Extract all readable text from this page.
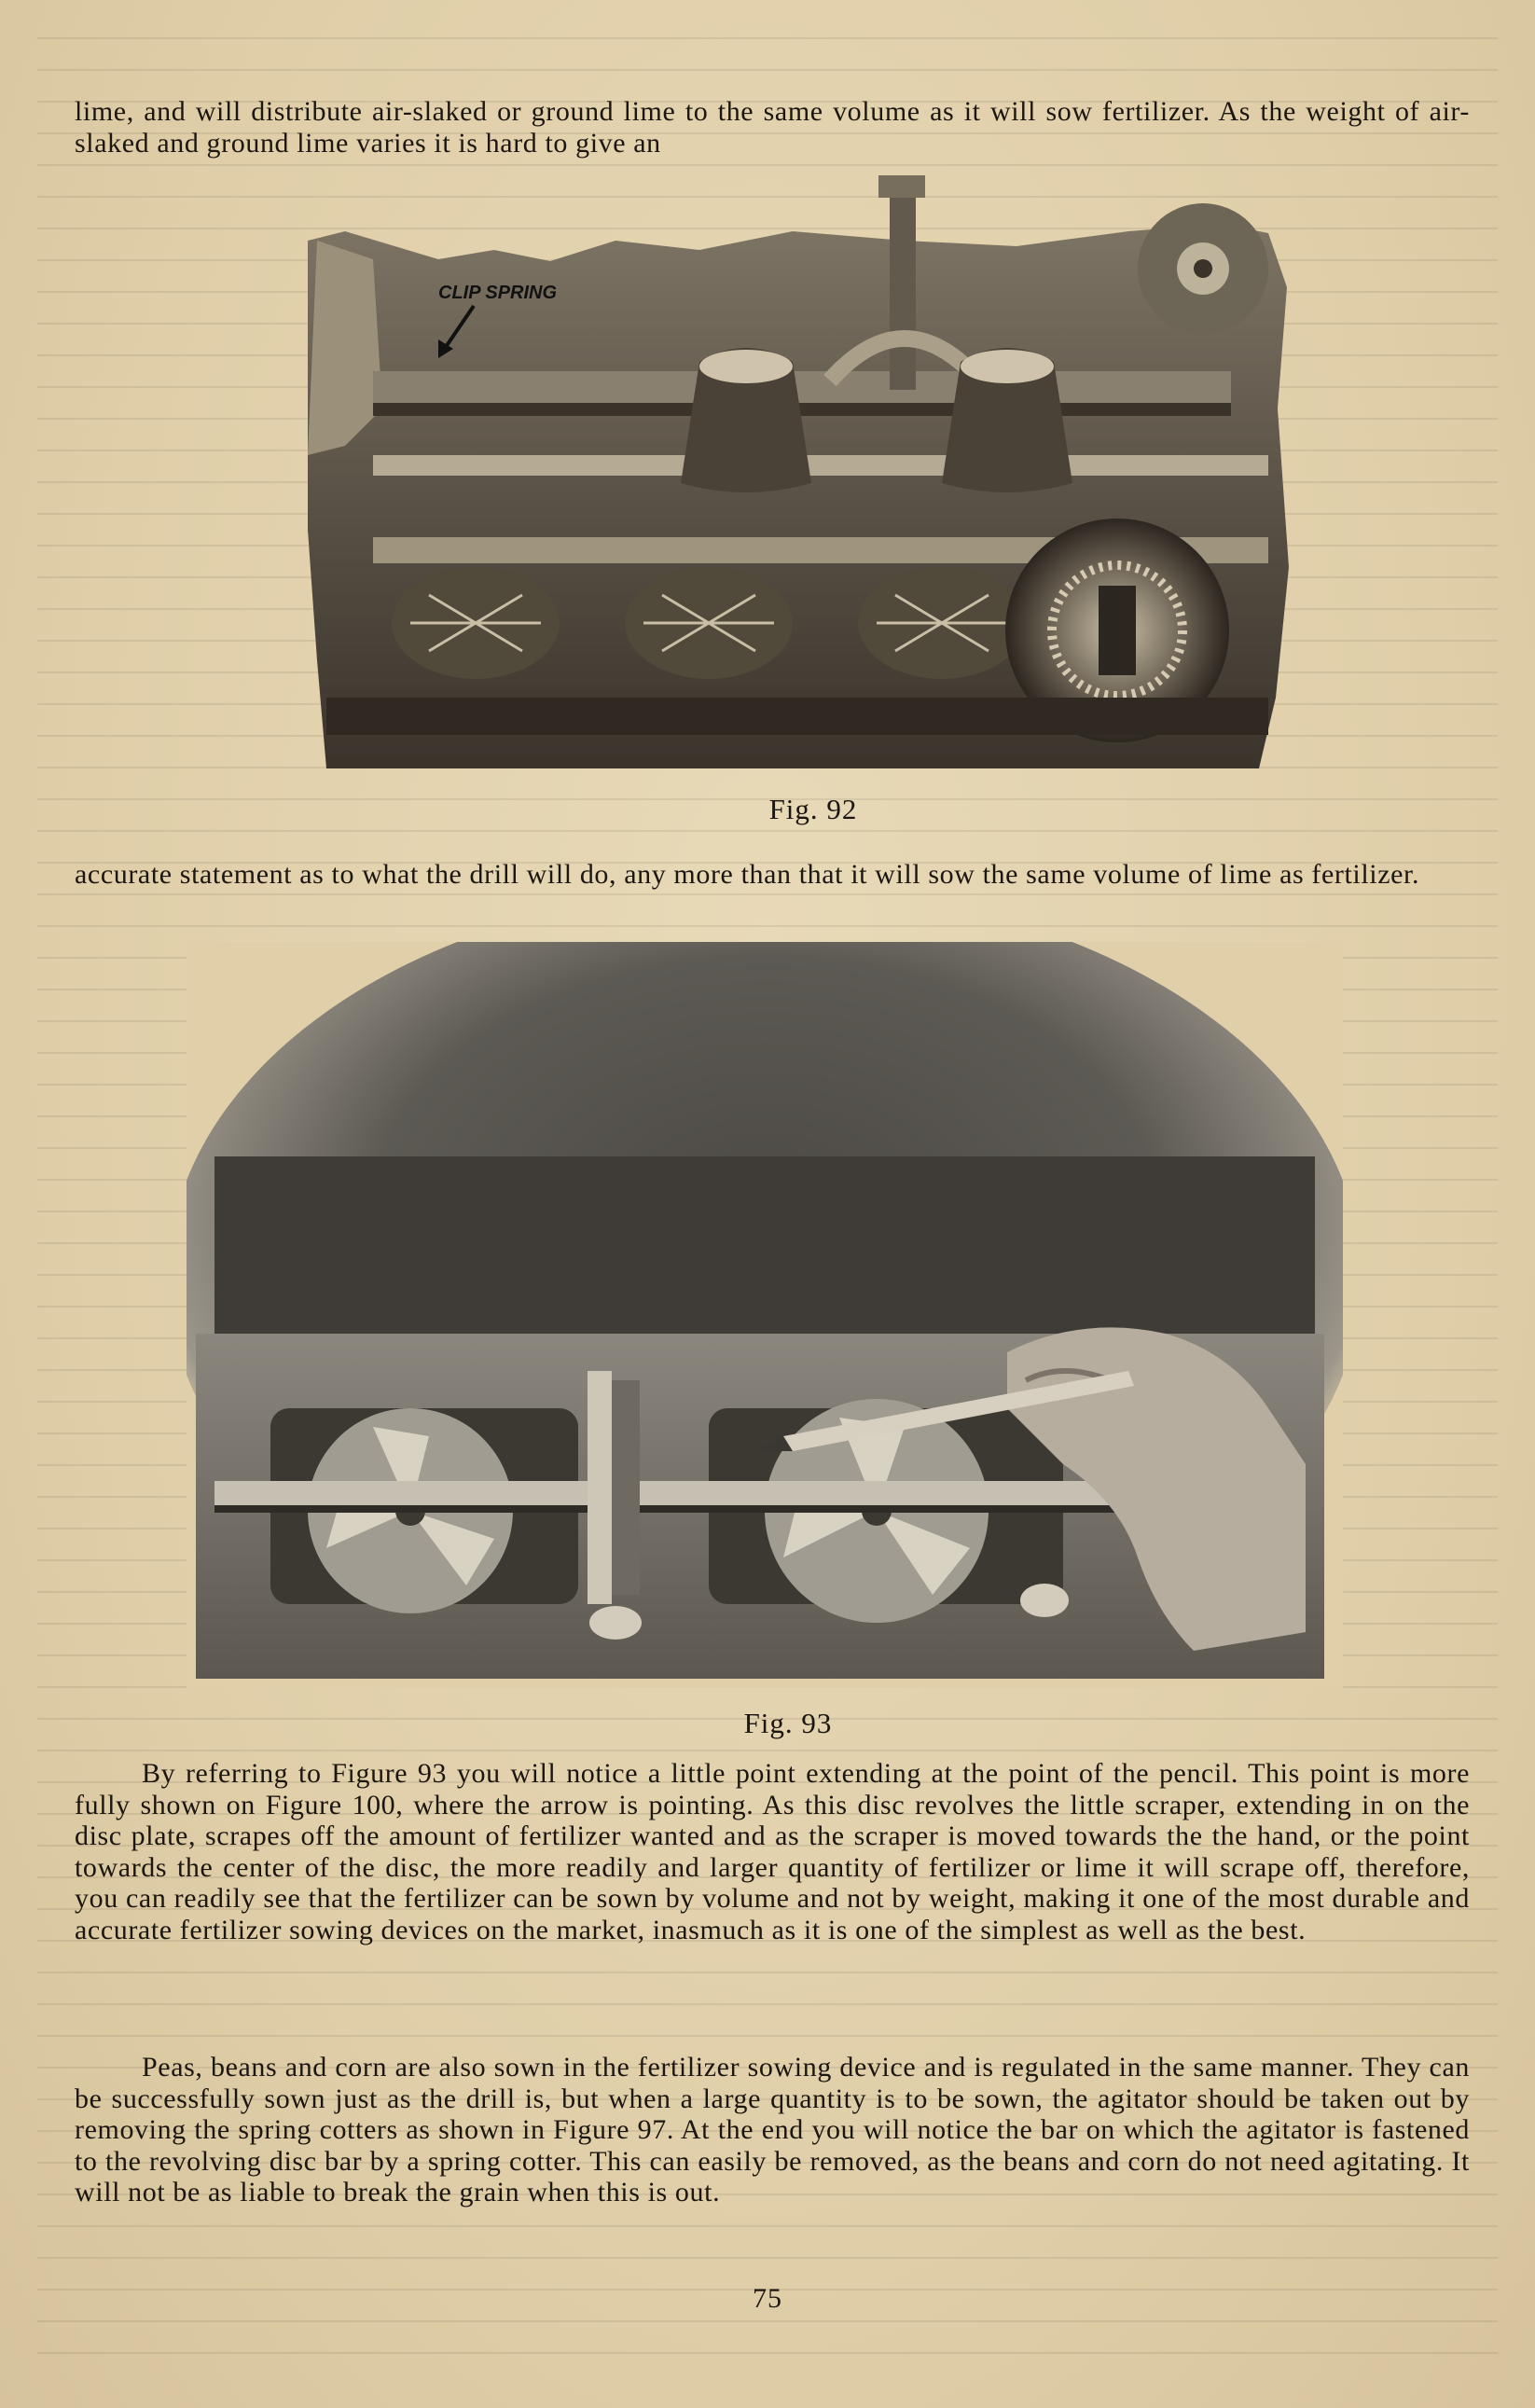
lime, and will distribute air-slaked or ground lime to the same volume as it will sow fertilizer. As the weight of air-slaked and ground lime varies it is hard to give an

CLIP SPRING
Fig. 92

accurate statement as to what the drill will do, any more than that it will sow the same volume of lime as fertilizer.

Fig. 93

By referring to Figure 93 you will notice a little point extending at the point of the pencil. This point is more fully shown on Figure 100, where the arrow is pointing. As this disc revolves the little scraper, extending in on the disc plate, scrapes off the amount of fertilizer wanted and as the scraper is moved towards the the hand, or the point towards the center of the disc, the more readily and larger quantity of fertilizer or lime it will scrape off, therefore, you can readily see that the fertilizer can be sown by volume and not by weight, making it one of the most durable and accurate fertilizer sowing devices on the market, inasmuch as it is one of the simplest as well as the best.

Peas, beans and corn are also sown in the fertilizer sowing device and is regulated in the same manner. They can be successfully sown just as the drill is, but when a large quantity is to be sown, the agitator should be taken out by removing the spring cotters as shown in Figure 97. At the end you will notice the bar on which the agitator is fastened to the revolving disc bar by a spring cotter. This can easily be removed, as the beans and corn do not need agitating. It will not be as liable to break the grain when this is out.

75
